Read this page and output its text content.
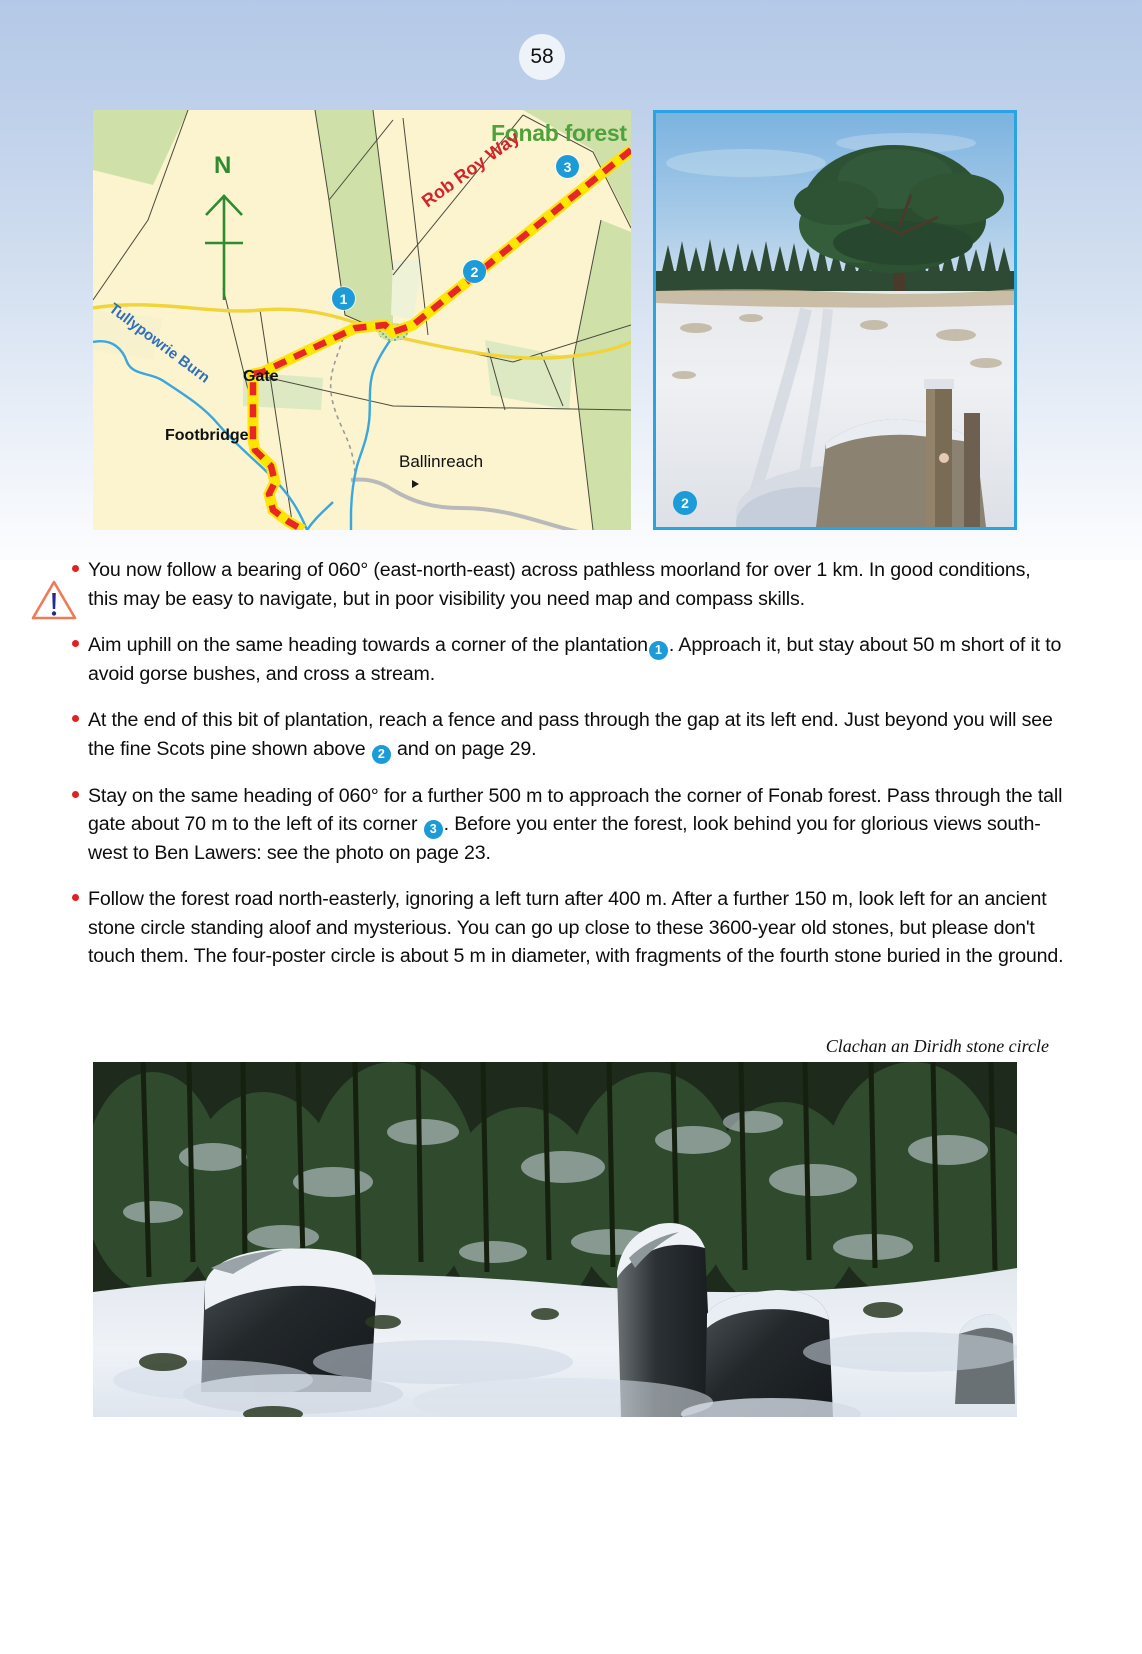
58
Fonab forest
Rob Roy Way
N
Tullypowrie Burn Gate
Footbridge
Ballinreach
1
2
3
2
You now follow a bearing of 060° (east-north-east) across pathless moorland for over 1 km. In good conditions, this may be easy to navigate, but in poor visibility you need map and compass skills.
Aim uphill on the same heading towards a corner of the plantation 1 . Approach it, but stay about 50 m short of it to avoid gorse bushes, and cross a stream.
At the end of this bit of plantation, reach a fence and pass through the gap at its left end. Just beyond you will see the fine Scots pine shown above 2 and on page 29.
Stay on the same heading of 060° for a further 500 m to approach the corner of Fonab forest. Pass through the tall gate about 70 m to the left of its corner 3 . Before you enter the forest, look behind you for glorious views south-west to Ben Lawers: see the photo on page 23.
Follow the forest road north-easterly, ignoring a left turn after 400 m. After a further 150 m, look left for an ancient stone circle standing aloof and mysterious. You can go up close to these 3600-year old stones, but please don't touch them. The four-poster circle is about 5 m in diameter, with fragments of the fourth stone buried in the ground.
Clachan an Diridh stone circle
